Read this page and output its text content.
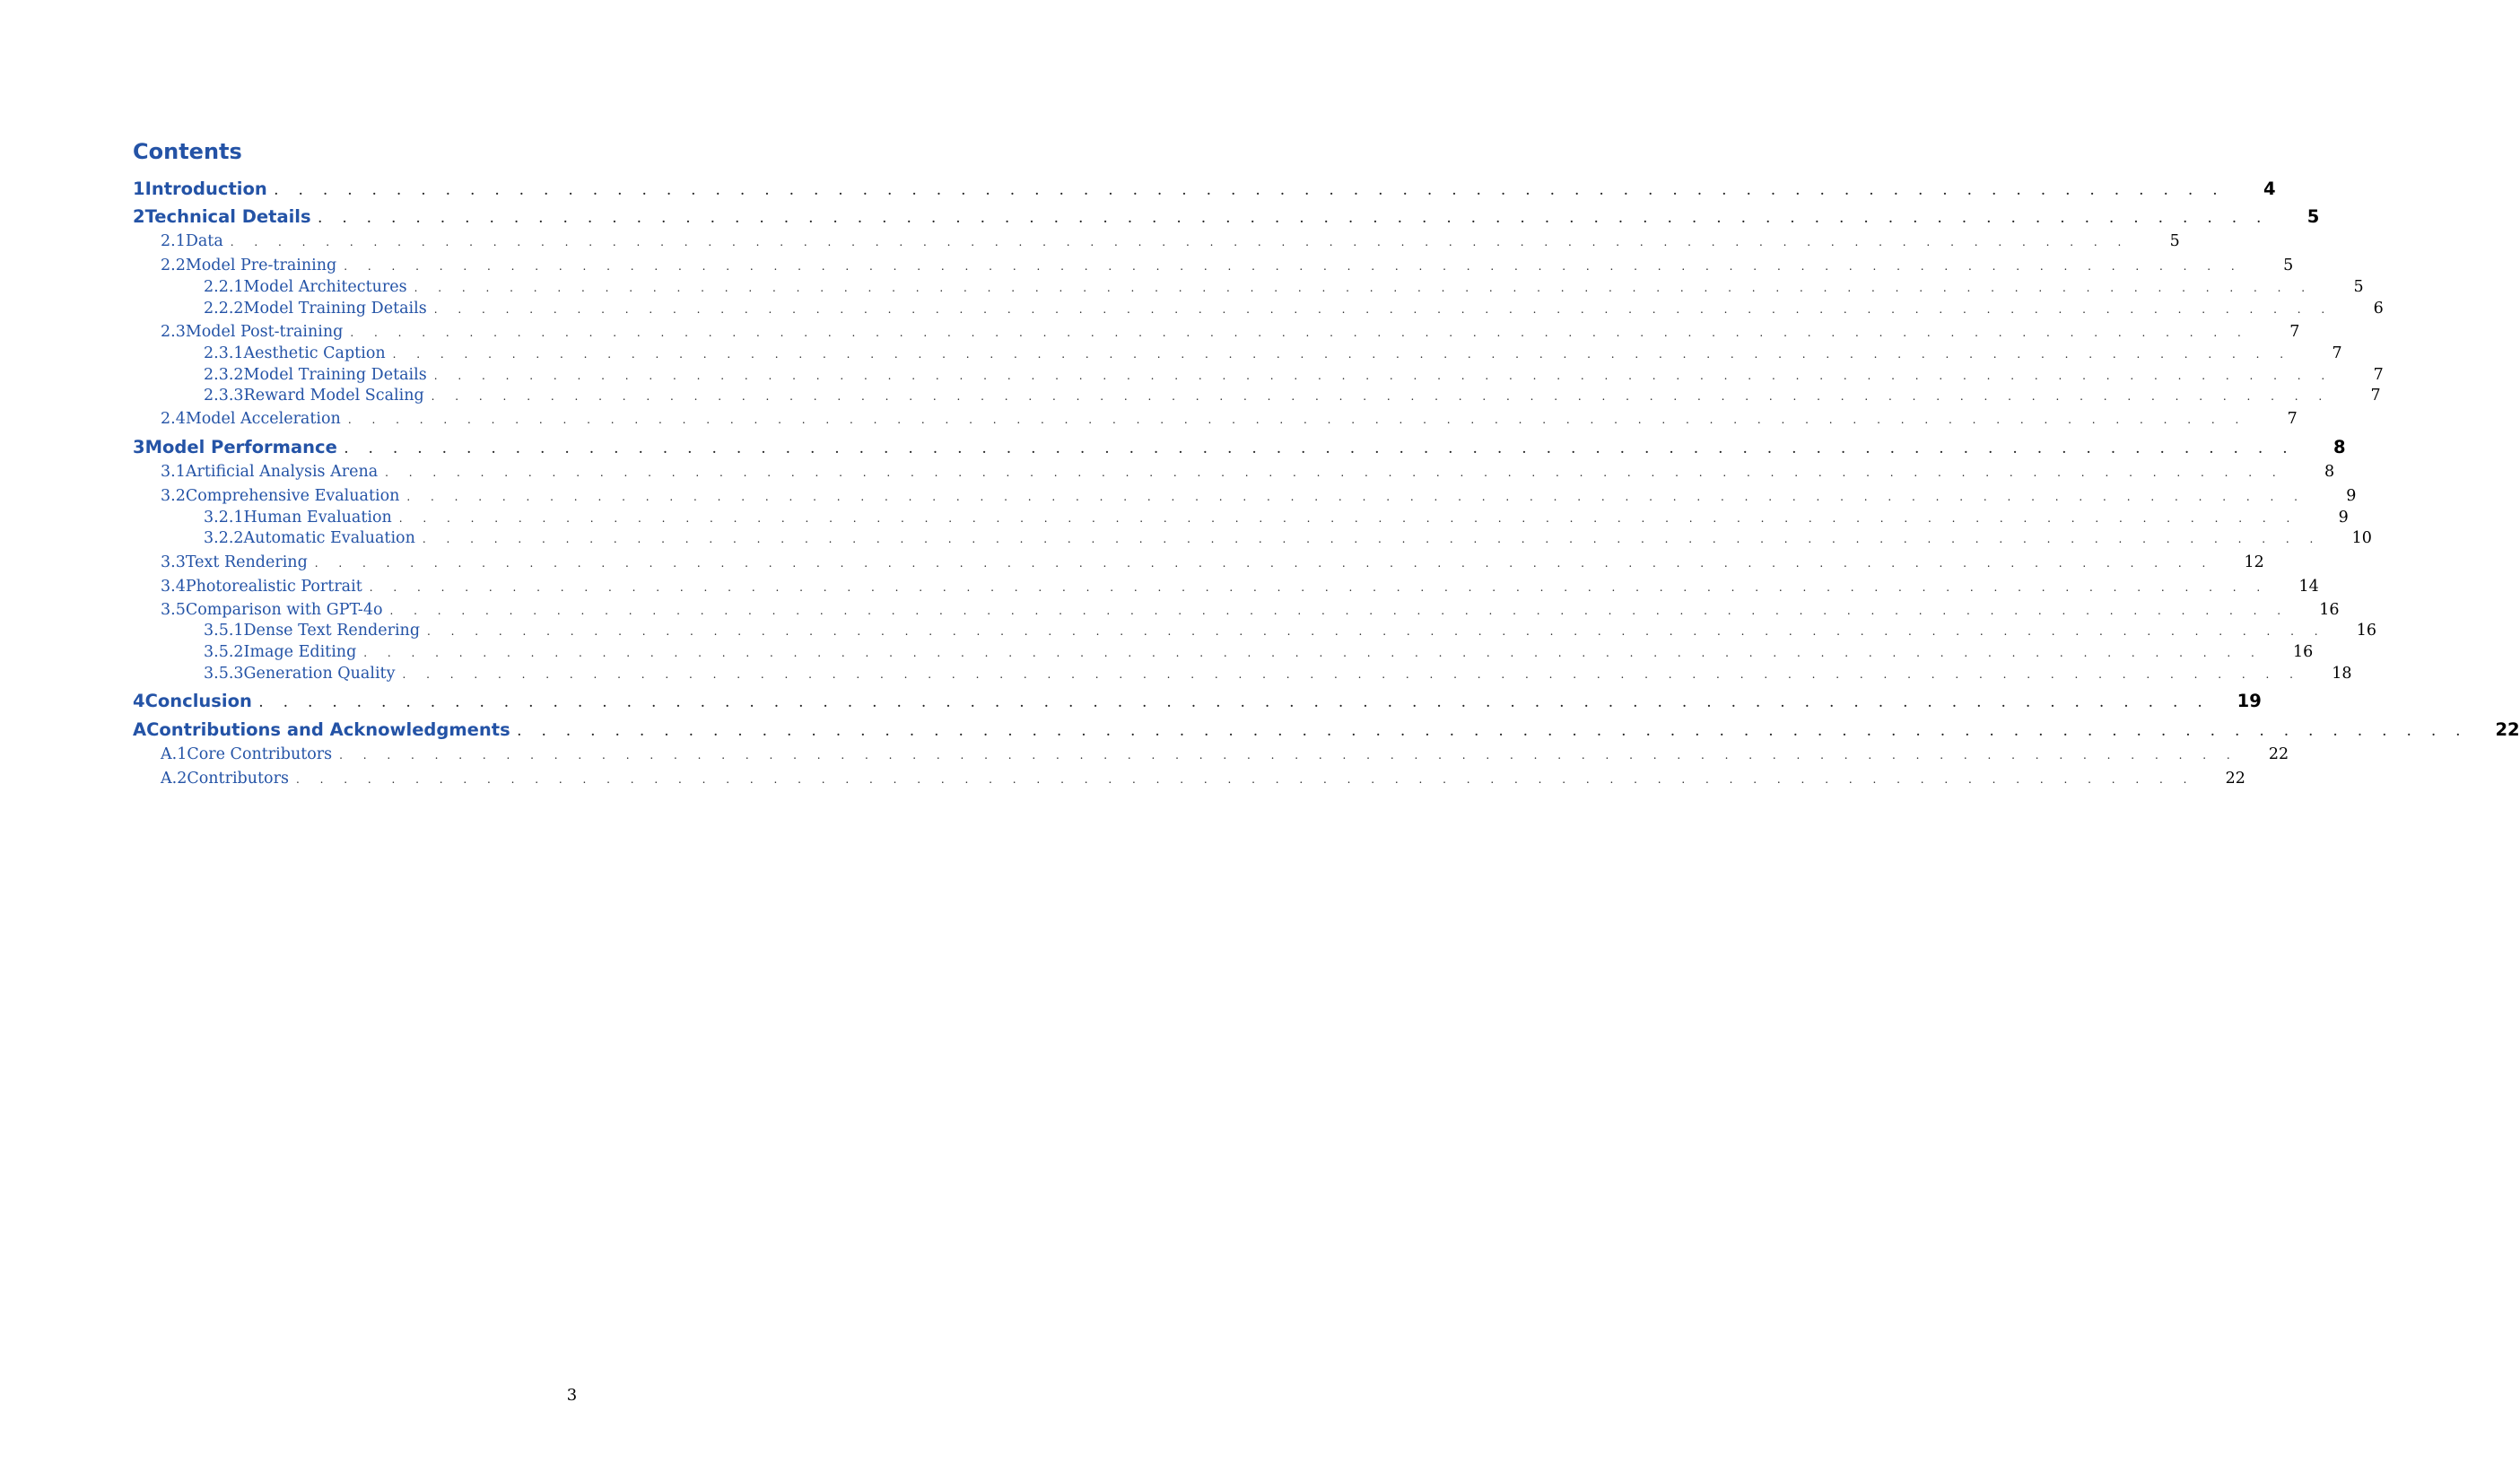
Contents
1 Introduction . . . . . . . . . . . . . . . . . . . . . . . . . . . . . . . . . . . . . . . . . . . . . . . . . . . . . . . . . . . . . . . . . . . . . . . . . . . . . . . .	4
2 Technical Details . . . . . . . . . . . . . . . . . . . . . . . . . . . . . . . . . . . . . . . . . . . . . . . . . . . . . . . . . . . . . . . . . . . . . . . . . . . . . . . .	5
2.1 Data . . . . . . . . . . . . . . . . . . . . . . . . . . . . . . . . . . . . . . . . . . . . . . . . . . . . . . . . . . . . . . . . . . . . . . . . . . . . . . . .	5
2.2 Model Pre-training . . . . . . . . . . . . . . . . . . . . . . . . . . . . . . . . . . . . . . . . . . . . . . . . . . . . . . . . . . . . . . . . . . . . . . . . . . . . . . . .	5
2.2.1 Model Architectures . . . . . . . . . . . . . . . . . . . . . . . . . . . . . . . . . . . . . . . . . . . . . . . . . . . . . . . . . . . . . . . . . . . . . . . . . . . . . . . .	5
2.2.2 Model Training Details . . . . . . . . . . . . . . . . . . . . . . . . . . . . . . . . . . . . . . . . . . . . . . . . . . . . . . . . . . . . . . . . . . . . . . . . . . . . . . . .	6
2.3 Model Post-training . . . . . . . . . . . . . . . . . . . . . . . . . . . . . . . . . . . . . . . . . . . . . . . . . . . . . . . . . . . . . . . . . . . . . . . . . . . . . . . .	7
2.3.1 Aesthetic Caption . . . . . . . . . . . . . . . . . . . . . . . . . . . . . . . . . . . . . . . . . . . . . . . . . . . . . . . . . . . . . . . . . . . . . . . . . . . . . . . .	7
2.3.2 Model Training Details . . . . . . . . . . . . . . . . . . . . . . . . . . . . . . . . . . . . . . . . . . . . . . . . . . . . . . . . . . . . . . . . . . . . . . . . . . . . . . . .	7
2.3.3 Reward Model Scaling . . . . . . . . . . . . . . . . . . . . . . . . . . . . . . . . . . . . . . . . . . . . . . . . . . . . . . . . . . . . . . . . . . . . . . . . . . . . . . . .	7
2.4 Model Acceleration . . . . . . . . . . . . . . . . . . . . . . . . . . . . . . . . . . . . . . . . . . . . . . . . . . . . . . . . . . . . . . . . . . . . . . . . . . . . . . . .	7
3 Model Performance . . . . . . . . . . . . . . . . . . . . . . . . . . . . . . . . . . . . . . . . . . . . . . . . . . . . . . . . . . . . . . . . . . . . . . . . . . . . . . . .	8
3.1 Artificial Analysis Arena . . . . . . . . . . . . . . . . . . . . . . . . . . . . . . . . . . . . . . . . . . . . . . . . . . . . . . . . . . . . . . . . . . . . . . . . . . . . . . . .	8
3.2 Comprehensive Evaluation . . . . . . . . . . . . . . . . . . . . . . . . . . . . . . . . . . . . . . . . . . . . . . . . . . . . . . . . . . . . . . . . . . . . . . . . . . . . . . . .	9
3.2.1 Human Evaluation . . . . . . . . . . . . . . . . . . . . . . . . . . . . . . . . . . . . . . . . . . . . . . . . . . . . . . . . . . . . . . . . . . . . . . . . . . . . . . . .	9
3.2.2 Automatic Evaluation . . . . . . . . . . . . . . . . . . . . . . . . . . . . . . . . . . . . . . . . . . . . . . . . . . . . . . . . . . . . . . . . . . . . . . . . . . . . . . . . 10
3.3 Text Rendering . . . . . . . . . . . . . . . . . . . . . . . . . . . . . . . . . . . . . . . . . . . . . . . . . . . . . . . . . . . . . . . . . . . . . . . . . . . . . . . . 12
3.4 Photorealistic Portrait . . . . . . . . . . . . . . . . . . . . . . . . . . . . . . . . . . . . . . . . . . . . . . . . . . . . . . . . . . . . . . . . . . . . . . . . . . . . . . . . 14
3.5 Comparison with GPT-4o . . . . . . . . . . . . . . . . . . . . . . . . . . . . . . . . . . . . . . . . . . . . . . . . . . . . . . . . . . . . . . . . . . . . . . . . . . . . . . . . 16
3.5.1 Dense Text Rendering . . . . . . . . . . . . . . . . . . . . . . . . . . . . . . . . . . . . . . . . . . . . . . . . . . . . . . . . . . . . . . . . . . . . . . . . . . . . . . . . 16
3.5.2 Image Editing . . . . . . . . . . . . . . . . . . . . . . . . . . . . . . . . . . . . . . . . . . . . . . . . . . . . . . . . . . . . . . . . . . . . . . . . . . . . . . . . 16
3.5.3 Generation Quality . . . . . . . . . . . . . . . . . . . . . . . . . . . . . . . . . . . . . . . . . . . . . . . . . . . . . . . . . . . . . . . . . . . . . . . . . . . . . . . . 18
4 Conclusion . . . . . . . . . . . . . . . . . . . . . . . . . . . . . . . . . . . . . . . . . . . . . . . . . . . . . . . . . . . . . . . . . . . . . . . . . . . . . . . . 19
A Contributions and Acknowledgments . . . . . . . . . . . . . . . . . . . . . . . . . . . . . . . . . . . . . . . . . . . . . . . . . . . . . . . . . . . . . . . . . . . . . . . . . . . . . . . . 22
A.1 Core Contributors . . . . . . . . . . . . . . . . . . . . . . . . . . . . . . . . . . . . . . . . . . . . . . . . . . . . . . . . . . . . . . . . . . . . . . . . . . . . . . . . 22
A.2 Contributors . . . . . . . . . . . . . . . . . . . . . . . . . . . . . . . . . . . . . . . . . . . . . . . . . . . . . . . . . . . . . . . . . . . . . . . . . . . . . . . . 22
3
